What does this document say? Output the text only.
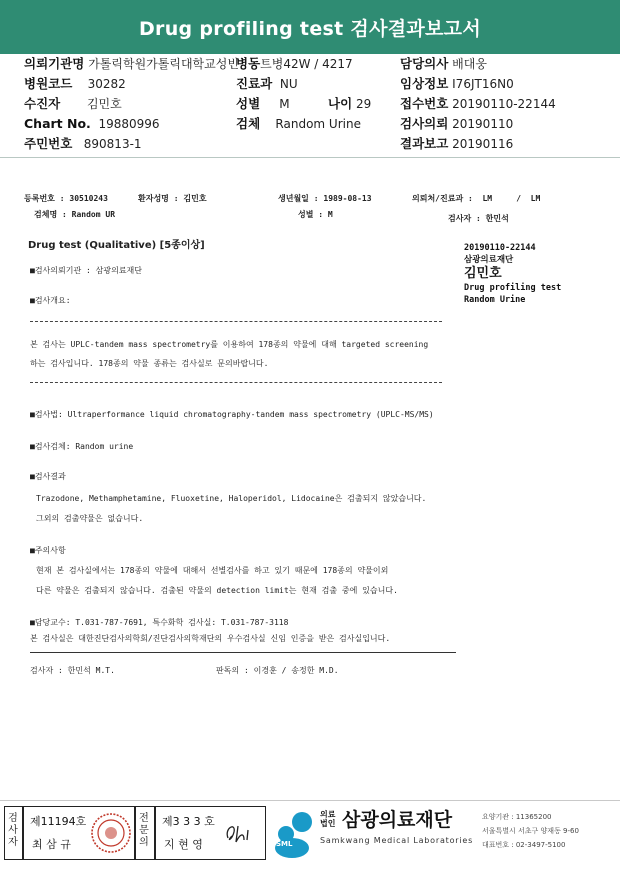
Drug profiling test 검사결과보고서
의뢰기관명 가톨릭학원가톨릭대학교성빈
병동트병42W / 4217	담당의사 배대웅
병원코드 30282	진료과 NU	임상정보 I76JT16N0
수진자 김민호	성별 M	나이 29 접수번호 20190110-22144
Chart No. 19880996	검체 Random Urine	검사의뢰 20190110
주민번호 890813-1	결과보고 20190116
등록번호 : 30510243	환자성명 : 김민호	생년월일 : 1989-08-13	의뢰처/진료과 : LM	/ LM
검체명 : Random UR	성별 : M	검사자 : 한민석
Drug test (Qualitative) [5종이상]	20190110-22144
삼광의료재단
김민호
Drug profiling test
Random Urine
■검사의뢰기관 : 삼광의료재단
■검사개요:
본 검사는 UPLC-tandem mass spectrometry를 이용하여 178종의 약물에 대해 targeted screening
하는 검사입니다. 178종의 약물 종류는 검사실로 문의바랍니다.
■검사법: Ultraperformance liquid chromatography-tandem mass spectrometry (UPLC-MS/MS)
■검사검체: Random urine
■검사결과
Trazodone, Methamphetamine, Fluoxetine, Haloperidol, Lidocaine은 검출되지 않았습니다.
그외의 검출약물은 없습니다.
■주의사항
현재 본 검사실에서는 178종의 약물에 대해서 선별검사를 하고 있기 때문에 178종의 약물이외
다른 약물은 검출되지 않습니다. 검출된 약물의 detection limit는 현재 검출 중에 있습니다.
■담당교수: T.031-787-7691, 특수화학 검사실: T.031-787-3118
본 검사실은 대한진단검사의학회/진단검사의학재단의 우수검사실 신임 인증을 받은 검사실입니다.
검사자 : 한민석 M.T.	판독의 : 이경훈 / 송정한 M.D.
검사자
제11194호
최 삼 규
전문의
제3 3 3 호
지 현 영	SML
의료법인 삼광의료재단
Samkwang Medical Laboratories
요양기관 : 11365200
서울특별시 서초구 양재동 9-60
대표번호 : 02-3497-5100
